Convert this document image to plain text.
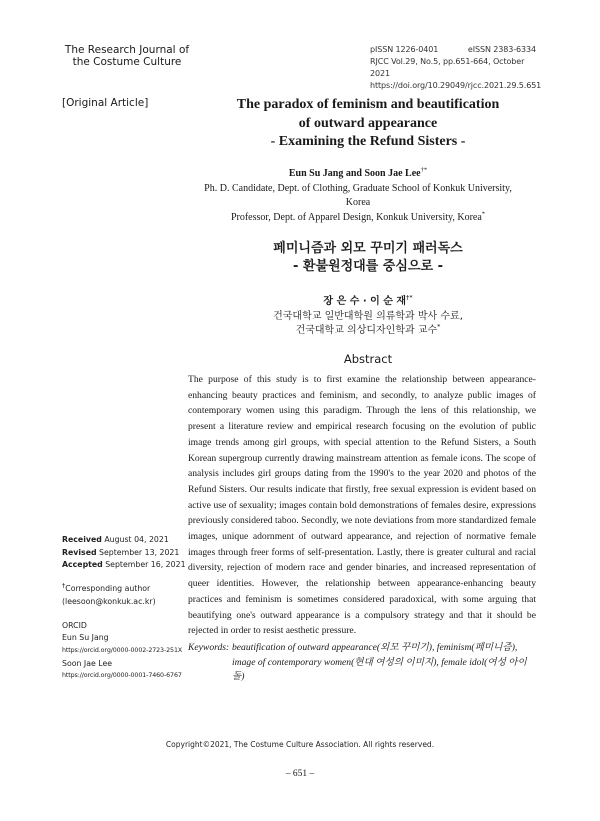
The Research Journal of
the Costume Culture
pISSN 1226-0401	eISSN 2383-6334
RJCC Vol.29, No.5, pp.651-664, October 2021
https://doi.org/10.29049/rjcc.2021.29.5.651
[Original Article]	The paradox of feminism and beautification
of outward appearance
- Examining the Refund Sisters -
Eun Su Jang and Soon Jae Lee†*
Ph. D. Candidate, Dept. of Clothing, Graduate School of Konkuk University,
Korea
Professor, Dept. of Apparel Design, Konkuk University, Korea*
페미니즘과 외모 꾸미기 패러독스
- 환불원정대를 중심으로 -
장 은 수 · 이 순 재†*
건국대학교 일반대학원 의류학과 박사 수료,
건국대학교 의상디자인학과 교수*
Abstract
The purpose of this study is to first examine the relationship between appearance-enhancing beauty practices and feminism, and secondly, to analyze public images of contemporary women using this paradigm. Through the lens of this relationship, we present a literature review and empirical research focusing on the evolution of public image trends among girl groups, with special attention to the Refund Sisters, a South Korean supergroup currently drawing mainstream attention as female icons. The scope of analysis includes girl groups dating from the 1990's to the year 2020 and photos of the Refund Sisters. Our results indicate that firstly, free sexual expression is evident based on active use of sexuality; images contain bold demonstrations of females desire, expressions previously considered taboo. Secondly, we note deviations from more standardized female images, unique adornment of outward appearance, and rejection of normative female images through freer forms of self-presentation. Lastly, there is greater cultural and racial diversity, rejection of modern race and gender binaries, and increased representation of queer identities. However, the relationship between appearance-enhancing beauty practices and feminism is sometimes considered paradoxical, with some arguing that beautifying one's outward appearance is a compulsory strategy and that it should be rejected in order to resist aesthetic pressure.
Keywords: beautification of outward appearance(외모 꾸미기), feminism(페미니즘), image of contemporary women(현대 여성의 이미지), female idol(여성 아이돌)
Received August 04, 2021
Revised September 13, 2021
Accepted September 16, 2021
†Corresponding author
(leesoon@konkuk.ac.kr)
ORCID
Eun Su Jang
https://orcid.org/0000-0002-2723-251X
Soon Jae Lee
https://orcid.org/0000-0001-7460-6767
Copyright©2021, The Costume Culture Association. All rights reserved.
– 651 –
